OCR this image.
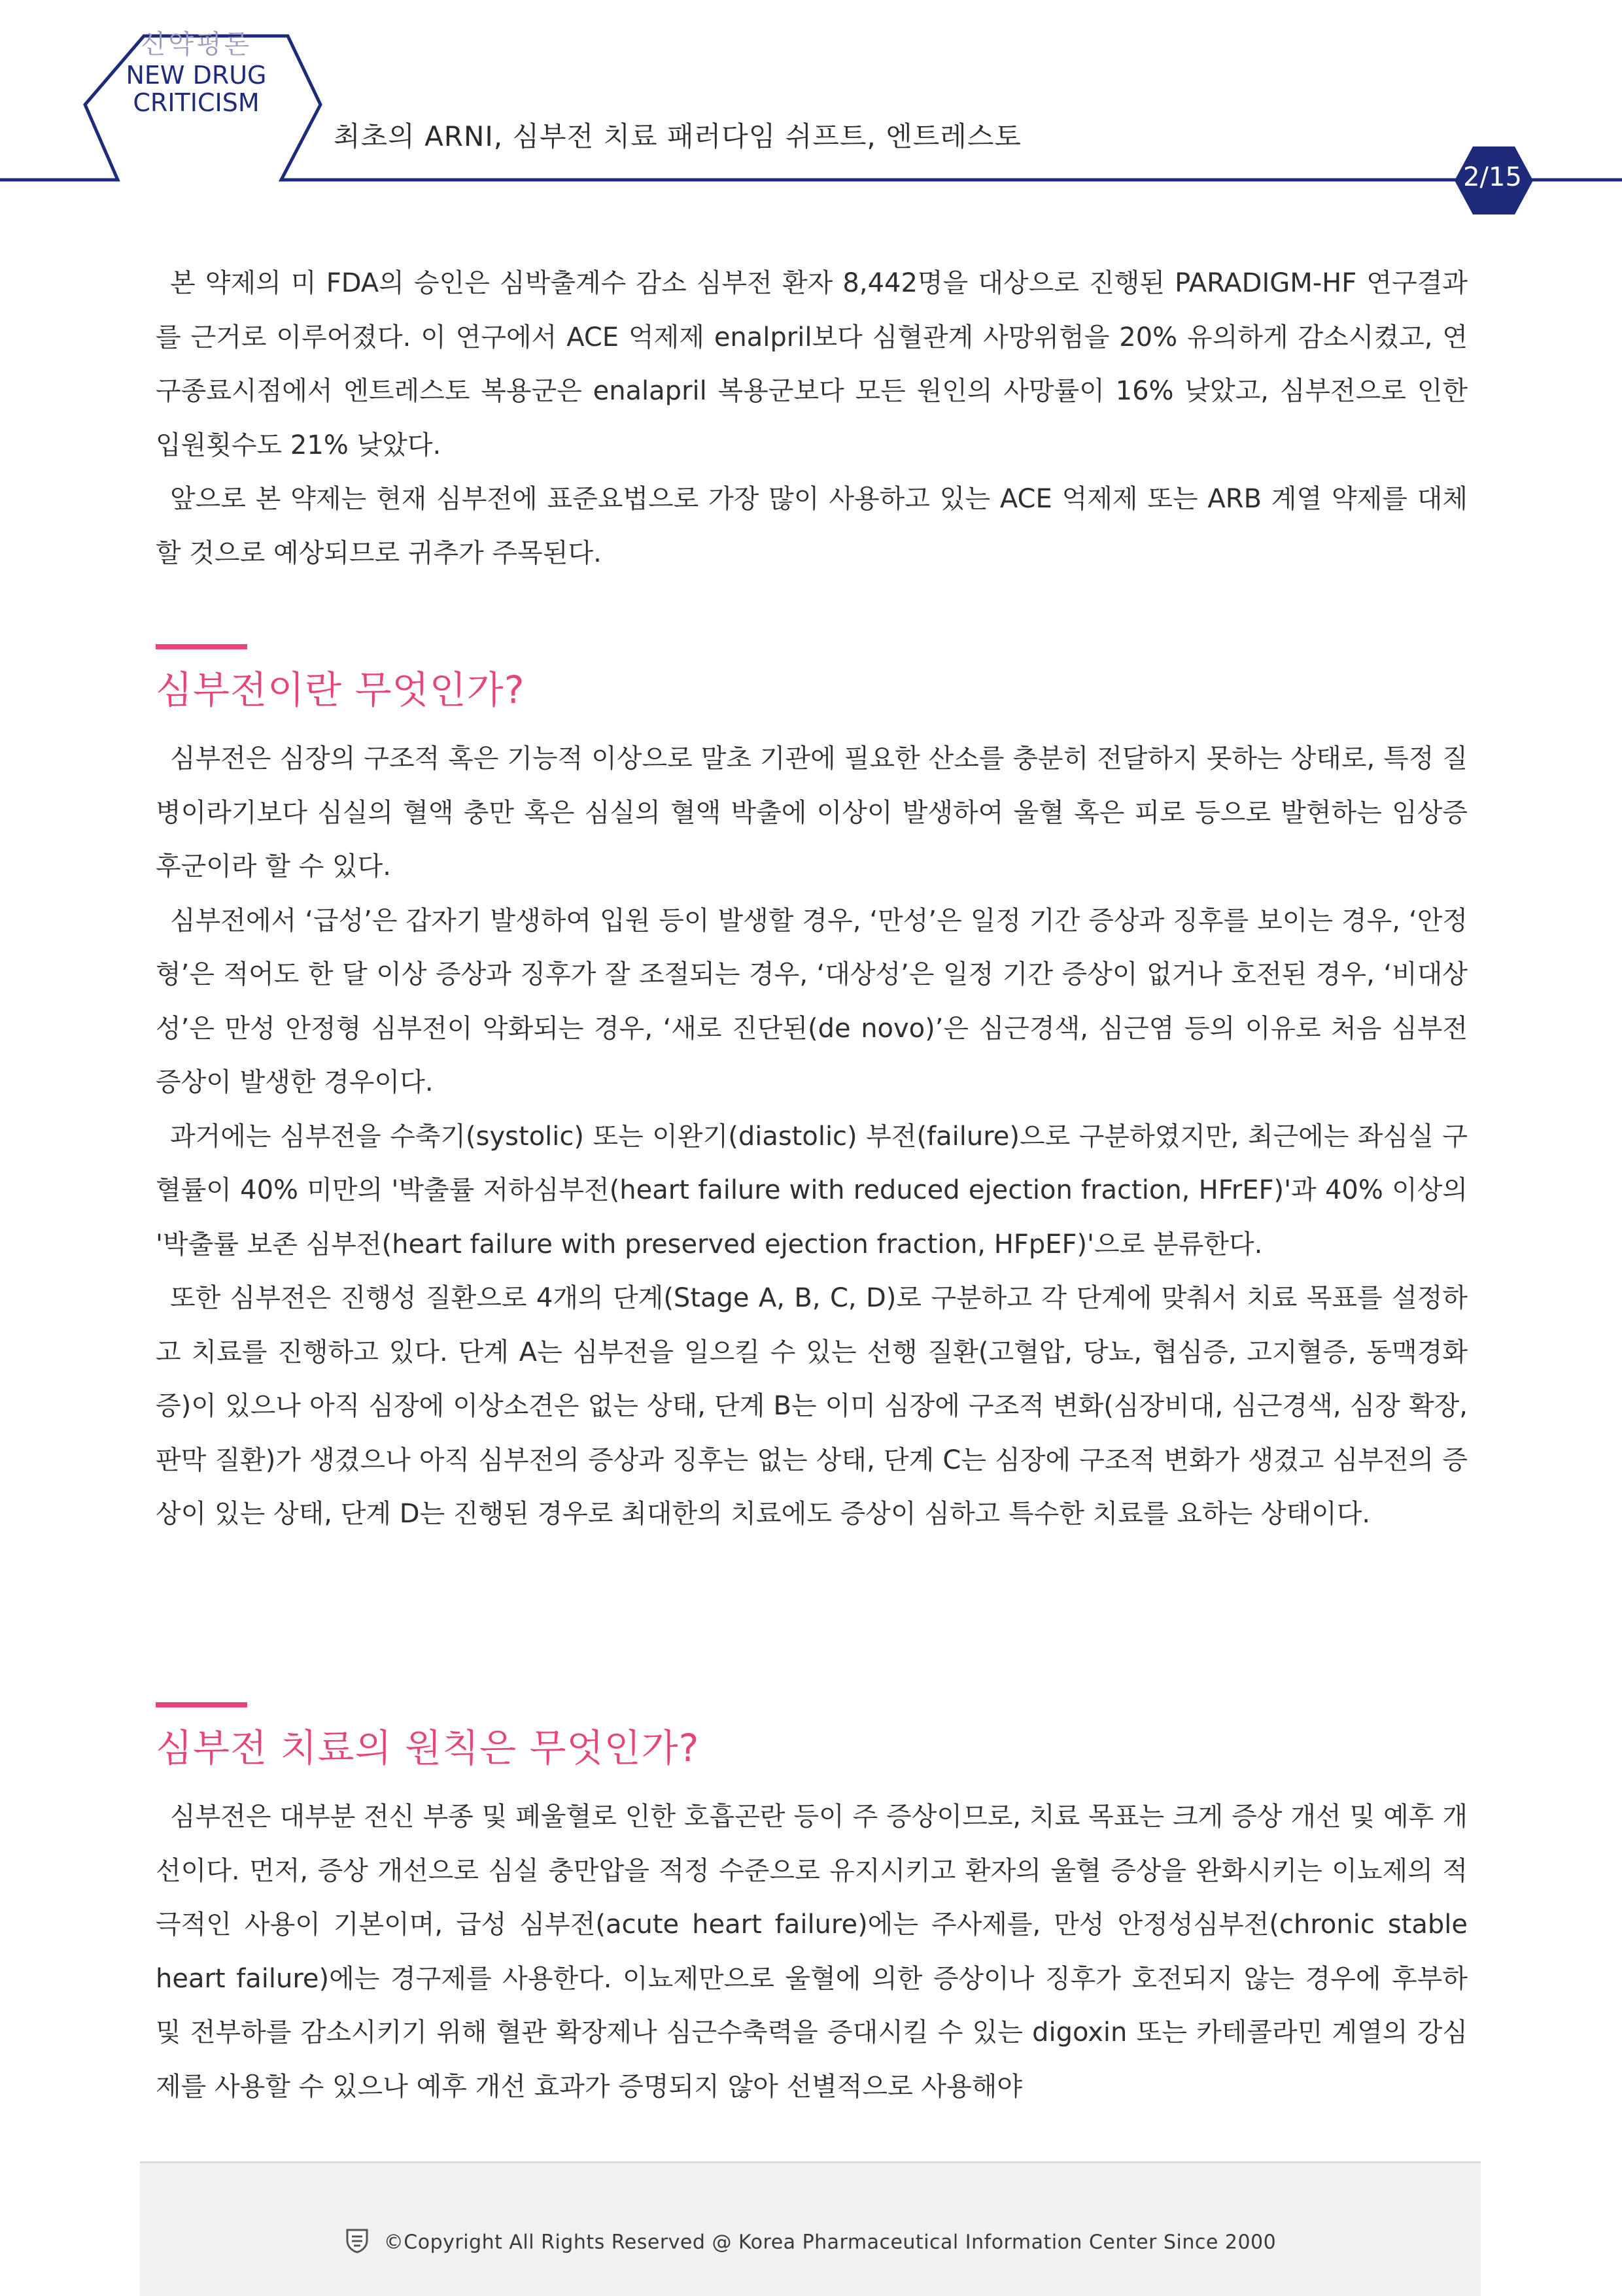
신약평론
NEW DRUG
CRITICISM
최초의 ARNI, 심부전 치료 패러다임 쉬프트, 엔트레스토
2/15

본 약제의 미 FDA의 승인은 심박출계수 감소 심부전 환자 8,442명을 대상으로 진행된 PARADIGM-HF 연구결과를 근거로 이루어졌다. 이 연구에서 ACE 억제제 enalpril보다 심혈관계 사망위험을 20% 유의하게 감소시켰고, 연구종료시점에서 엔트레스토 복용군은 enalapril 복용군보다 모든 원인의 사망률이 16% 낮았고, 심부전으로 인한 입원횟수도 21% 낮았다.

앞으로 본 약제는 현재 심부전에 표준요법으로 가장 많이 사용하고 있는 ACE 억제제 또는 ARB 계열 약제를 대체할 것으로 예상되므로 귀추가 주목된다.

심부전이란 무엇인가?

심부전은 심장의 구조적 혹은 기능적 이상으로 말초 기관에 필요한 산소를 충분히 전달하지 못하는 상태로, 특정 질병이라기보다 심실의 혈액 충만 혹은 심실의 혈액 박출에 이상이 발생하여 울혈 혹은 피로 등으로 발현하는 임상증후군이라 할 수 있다.

심부전에서 ‘급성’은 갑자기 발생하여 입원 등이 발생할 경우, ‘만성’은 일정 기간 증상과 징후를 보이는 경우, ‘안정형’은 적어도 한 달 이상 증상과 징후가 잘 조절되는 경우, ‘대상성’은 일정 기간 증상이 없거나 호전된 경우, ‘비대상성’은 만성 안정형 심부전이 악화되는 경우, ‘새로 진단된(de novo)’은 심근경색, 심근염 등의 이유로 처음 심부전 증상이 발생한 경우이다.

과거에는 심부전을 수축기(systolic) 또는 이완기(diastolic) 부전(failure)으로 구분하였지만, 최근에는 좌심실 구혈률이 40% 미만의 '박출률 저하심부전(heart failure with reduced ejection fraction, HFrEF)'과 40% 이상의 '박출률 보존 심부전(heart failure with preserved ejection fraction, HFpEF)'으로 분류한다.

또한 심부전은 진행성 질환으로 4개의 단계(Stage A, B, C, D)로 구분하고 각 단계에 맞춰서 치료 목표를 설정하고 치료를 진행하고 있다. 단계 A는 심부전을 일으킬 수 있는 선행 질환(고혈압, 당뇨, 협심증, 고지혈증, 동맥경화증)이 있으나 아직 심장에 이상소견은 없는 상태, 단계 B는 이미 심장에 구조적 변화(심장비대, 심근경색, 심장 확장, 판막 질환)가 생겼으나 아직 심부전의 증상과 징후는 없는 상태, 단계 C는 심장에 구조적 변화가 생겼고 심부전의 증상이 있는 상태, 단계 D는 진행된 경우로 최대한의 치료에도 증상이 심하고 특수한 치료를 요하는 상태이다.

심부전 치료의 원칙은 무엇인가?

심부전은 대부분 전신 부종 및 폐울혈로 인한 호흡곤란 등이 주 증상이므로, 치료 목표는 크게 증상 개선 및 예후 개선이다. 먼저, 증상 개선으로 심실 충만압을 적정 수준으로 유지시키고 환자의 울혈 증상을 완화시키는 이뇨제의 적극적인 사용이 기본이며, 급성 심부전(acute heart failure)에는 주사제를, 만성 안정성심부전(chronic stable heart failure)에는 경구제를 사용한다. 이뇨제만으로 울혈에 의한 증상이나 징후가 호전되지 않는 경우에 후부하 및 전부하를 감소시키기 위해 혈관 확장제나 심근수축력을 증대시킬 수 있는 digoxin 또는 카테콜라민 계열의 강심제를 사용할 수 있으나 예후 개선 효과가 증명되지 않아 선별적으로 사용해야

©Copyright All Rights Reserved @ Korea Pharmaceutical Information Center Since 2000
